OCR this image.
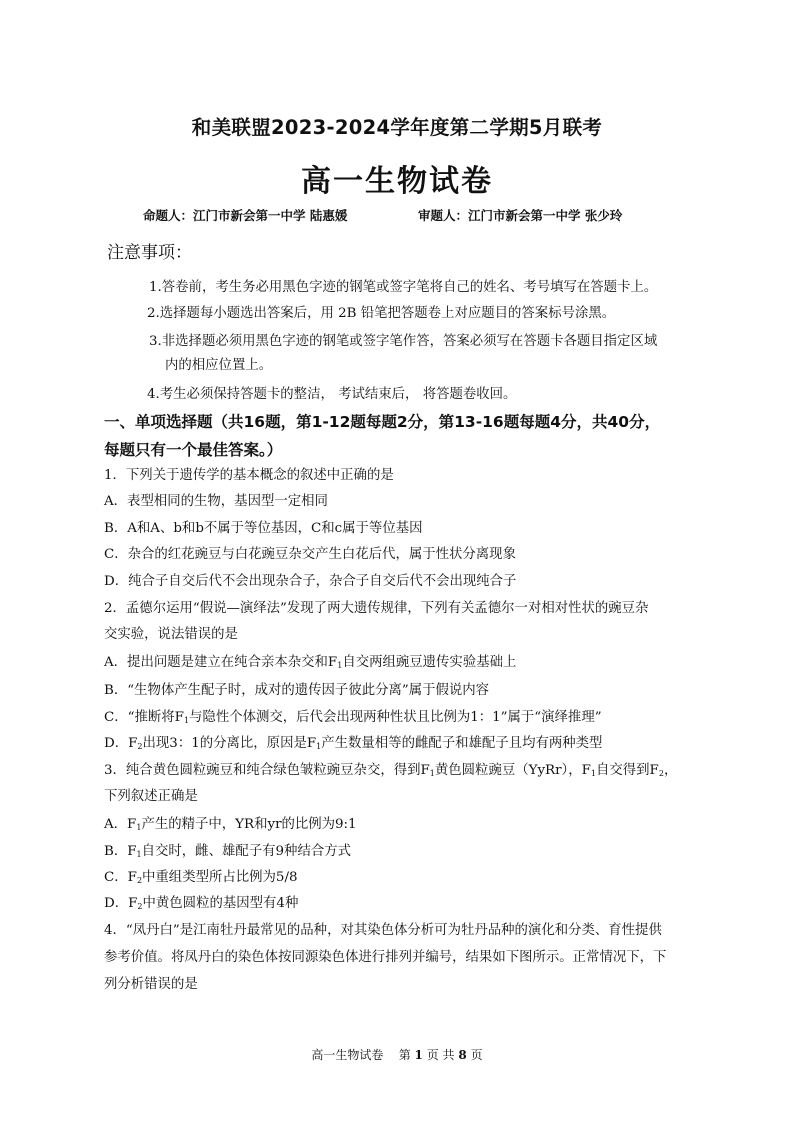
和美联盟2023-2024学年度第二学期5月联考
高一生物试卷
命题人：江门市新会第一中学 陆惠媛	审题人：江门市新会第一中学 张少玲
注意事项：
1.答卷前，考生务必用黑色字迹的钢笔或签字笔将自己的姓名、考号填写在答题卡上。
2.选择题每小题选出答案后，用 2B 铅笔把答题卷上对应题目的答案标号涂黑。
3.非选择题必须用黑色字迹的钢笔或签字笔作答，答案必须写在答题卡各题目指定区域
内的相应位置上。
4.考生必须保持答题卡的整洁， 考试结束后， 将答题卷收回。
一、单项选择题（共16题，第1-12题每题2分，第13-16题每题4分，共40分，
每题只有一个最佳答案。）
1．下列关于遗传学的基本概念的叙述中正确的是
A．表型相同的生物，基因型一定相同
B．A和A、b和b不属于等位基因，C和c属于等位基因
C．杂合的红花豌豆与白花豌豆杂交产生白花后代，属于性状分离现象
D．纯合子自交后代不会出现杂合子，杂合子自交后代不会出现纯合子
2．孟德尔运用“假说—演绎法”发现了两大遗传规律，下列有关孟德尔一对相对性状的豌豆杂
交实验，说法错误的是
A．提出问题是建立在纯合亲本杂交和$F_1$自交两组豌豆遗传实验基础上
B．“生物体产生配子时，成对的遗传因子彼此分离”属于假说内容
C．“推断将$F_1$与隐性个体测交，后代会出现两种性状且比例为1：1”属于“演绎推理”
D．$F_2$出现3：1的分离比，原因是$F_1$产生数量相等的雌配子和雄配子且均有两种类型
3．纯合黄色圆粒豌豆和纯合绿色皱粒豌豆杂交，得到$F_1$黄色圆粒豌豆（YyRr），$F_1$自交得到$F_2$，
下列叙述正确是
A．$F_1$产生的精子中，YR和yr的比例为9:1
B．$F_1$自交时，雌、雄配子有9种结合方式
C．$F_2$中重组类型所占比例为5/8
D．$F_2$中黄色圆粒的基因型有4种
4．“凤丹白”是江南牡丹最常见的品种，对其染色体分析可为牡丹品种的演化和分类、育性提供
参考价值。将凤丹白的染色体按同源染色体进行排列并编号，结果如下图所示。正常情况下，下
列分析错误的是
高一生物试卷 第 1 页 共 8 页
